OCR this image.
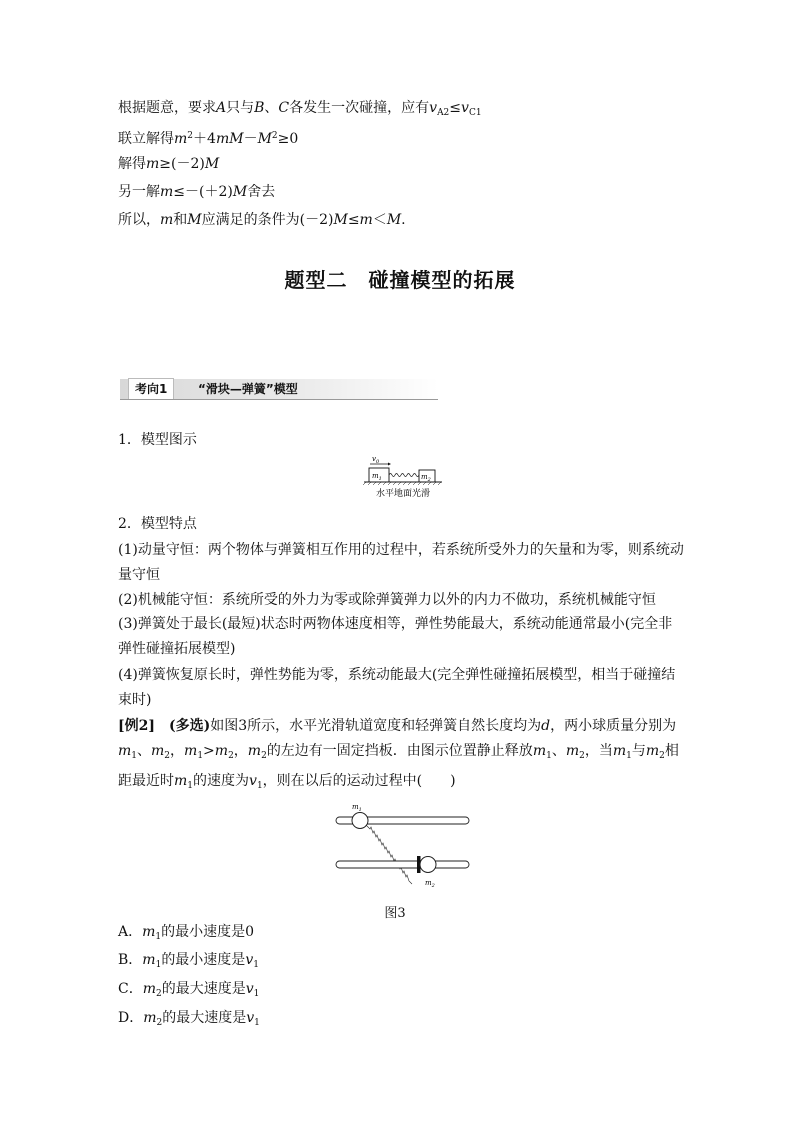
根据题意，要求A只与B、C各发生一次碰撞，应有$v_{A2}\le v_{C1}$
联立解得$m^2+4mM-M^2\ge 0$
解得m≥(－2)M
另一解m≤－(＋2)M舍去
所以，m和M应满足的条件为(－2)M≤m＜M.
题型二　碰撞模型的拓展
考向1	“滑块—弹簧”模型
1．模型图示
$v_0$
$m_1$	$m_2$
水平地面光滑
2．模型特点
(1)动量守恒：两个物体与弹簧相互作用的过程中，若系统所受外力的矢量和为零，则系统动量守恒
(2)机械能守恒：系统所受的外力为零或除弹簧弹力以外的内力不做功，系统机械能守恒
(3)弹簧处于最长(最短)状态时两物体速度相等，弹性势能最大，系统动能通常最小(完全非弹性碰撞拓展模型)
(4)弹簧恢复原长时，弹性势能为零，系统动能最大(完全弹性碰撞拓展模型，相当于碰撞结束时)
[例2]　 (多选)如图3所示，水平光滑轨道宽度和轻弹簧自然长度均为d，两小球质量分别为$m_1$、$m_2$，$m_1>m_2$，$m_2$的左边有一固定挡板．由图示位置静止释放$m_1$、$m_2$，当$m_1$与$m_2$相距最近时$m_1$的速度为$v_1$，则在以后的运动过程中(　　)
$m_1$
$m_2$
图3
A．$m_1$的最小速度是0
B．$m_1$的最小速度是$v_1$
C．$m_2$的最大速度是$v_1$
D．$m_2$的最大速度是$v_1$
